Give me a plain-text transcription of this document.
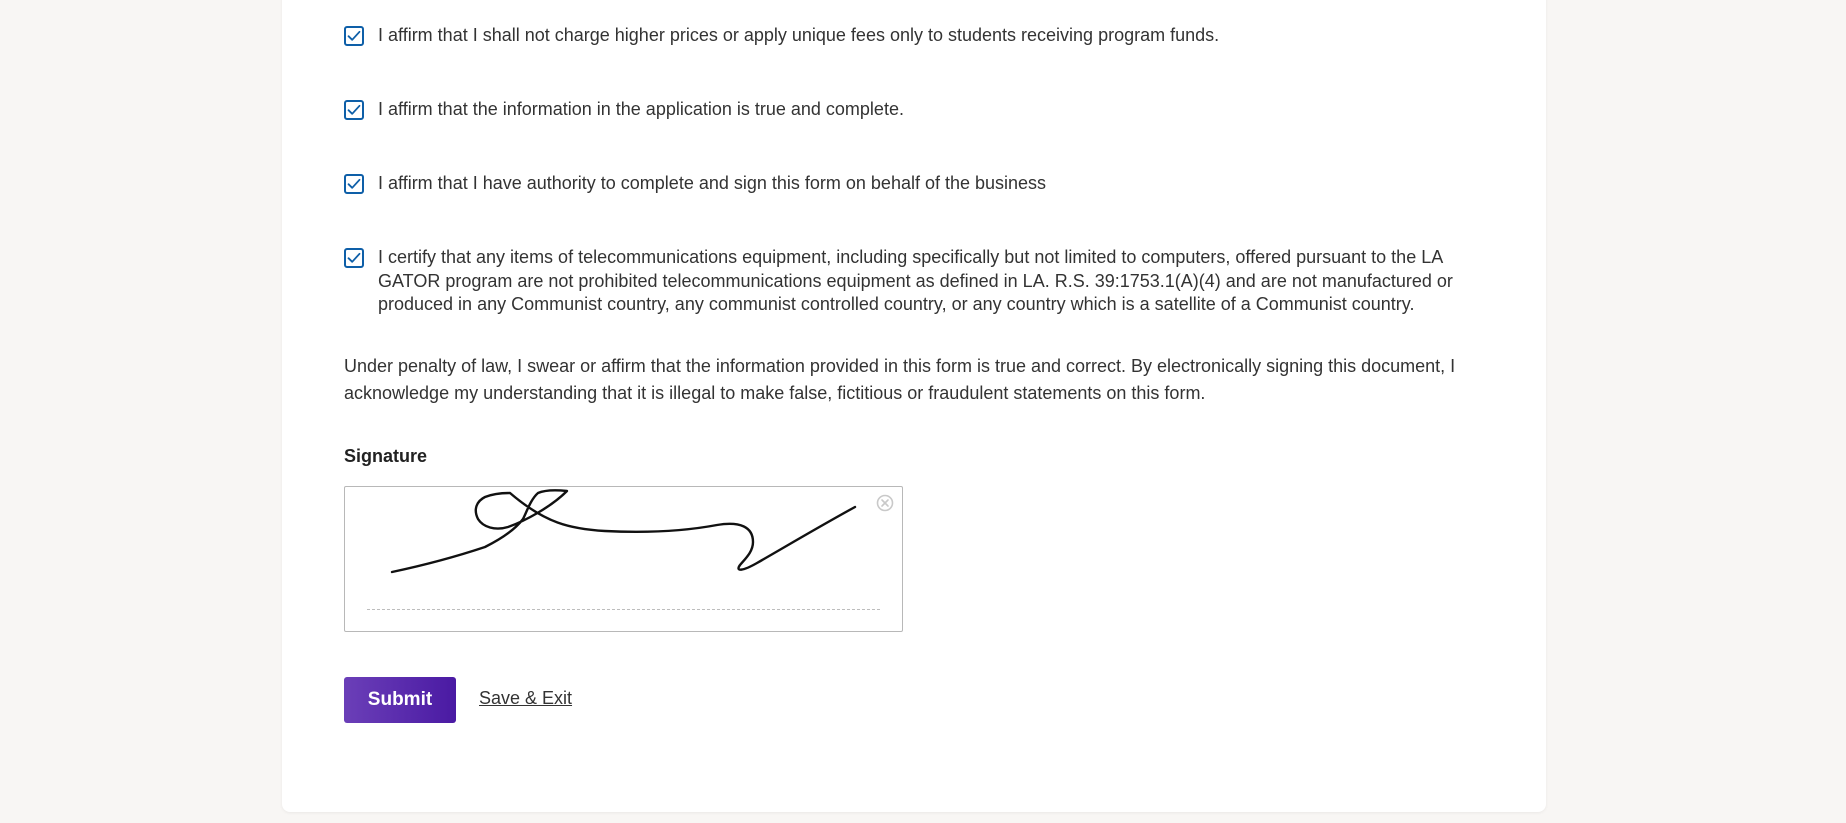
I affirm that I shall not charge higher prices or apply unique fees only to students receiving program funds.
I affirm that the information in the application is true and complete.
I affirm that I have authority to complete and sign this form on behalf of the business
I certify that any items of telecommunications equipment, including specifically but not limited to computers, offered pursuant to the LA GATOR program are not prohibited telecommunications equipment as defined in LA. R.S. 39:1753.1(A)(4) and are not manufactured or produced in any Communist country, any communist controlled country, or any country which is a satellite of a Communist country.
Under penalty of law, I swear or affirm that the information provided in this form is true and correct. By electronically signing this document, I acknowledge my understanding that it is illegal to make false, fictitious or fraudulent statements on this form.
Signature
Submit	Save & Exit
